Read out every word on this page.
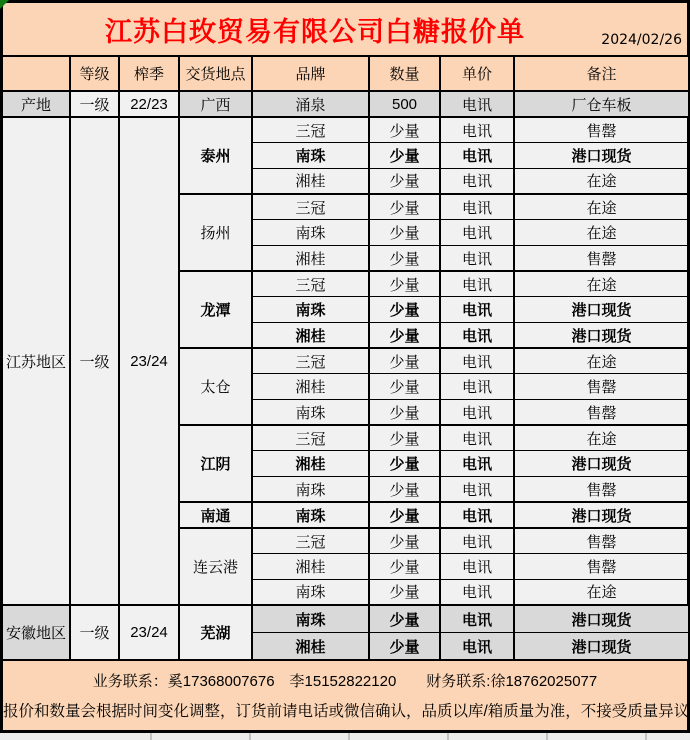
江苏白玫贸易有限公司白糖报价单	2024/02/26
	等级	榨季	交货地点	品牌	数量	单价	备注
产地	一级	22/23	广西	涌泉	500	电讯	厂仓车板
江苏地区	一级	23/24	泰州	三冠	少量	电讯	售罄
				南珠	少量	电讯	港口现货
				湘桂	少量	电讯	在途
			扬州	三冠	少量	电讯	在途
				南珠	少量	电讯	在途
				湘桂	少量	电讯	售罄
			龙潭	三冠	少量	电讯	在途
				南珠	少量	电讯	港口现货
				湘桂	少量	电讯	港口现货
			太仓	三冠	少量	电讯	在途
				湘桂	少量	电讯	售罄
				南珠	少量	电讯	售罄
			江阴	三冠	少量	电讯	在途
				湘桂	少量	电讯	港口现货
				南珠	少量	电讯	售罄
			南通	南珠	少量	电讯	港口现货
			连云港	三冠	少量	电讯	售罄
				湘桂	少量	电讯	售罄
				南珠	少量	电讯	在途
安徽地区	一级	23/24	芜湖	南珠	少量	电讯	港口现货
				湘桂	少量	电讯	港口现货
业务联系：奚17368007676　李15152822120　　财务联系:徐18762025077
报价和数量会根据时间变化调整，订货前请电话或微信确认，品质以库/箱质量为准，不接受质量异议
